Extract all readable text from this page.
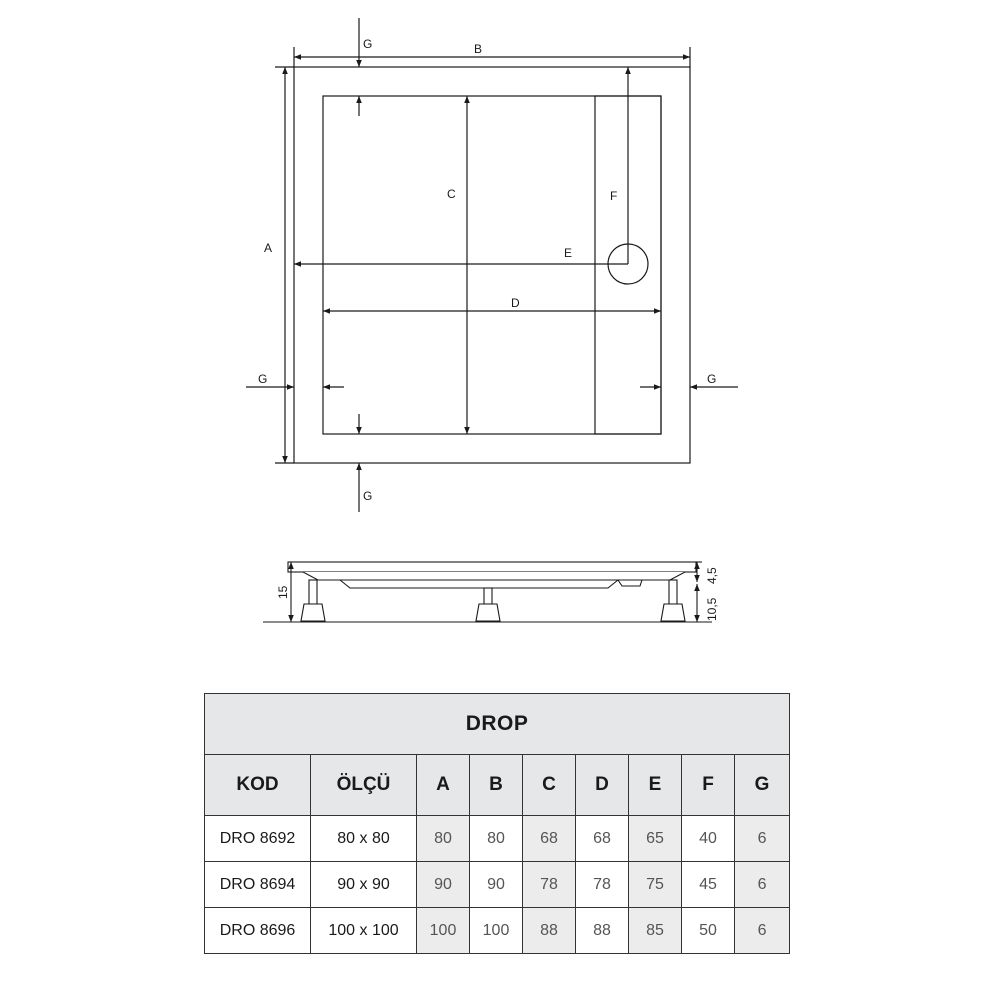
A
B
C
D
E
F
G
G	G
G
15
4,5
10,5
DROP								
KOD	ÖLÇÜ	A	B	C	D	E	F	G
DRO 8692	80 x 80	80	80	68	68	65	40	6
DRO 8694	90 x 90	90	90	78	78	75	45	6
DRO 8696	100 x 100	100	100	88	88	85	50	6
